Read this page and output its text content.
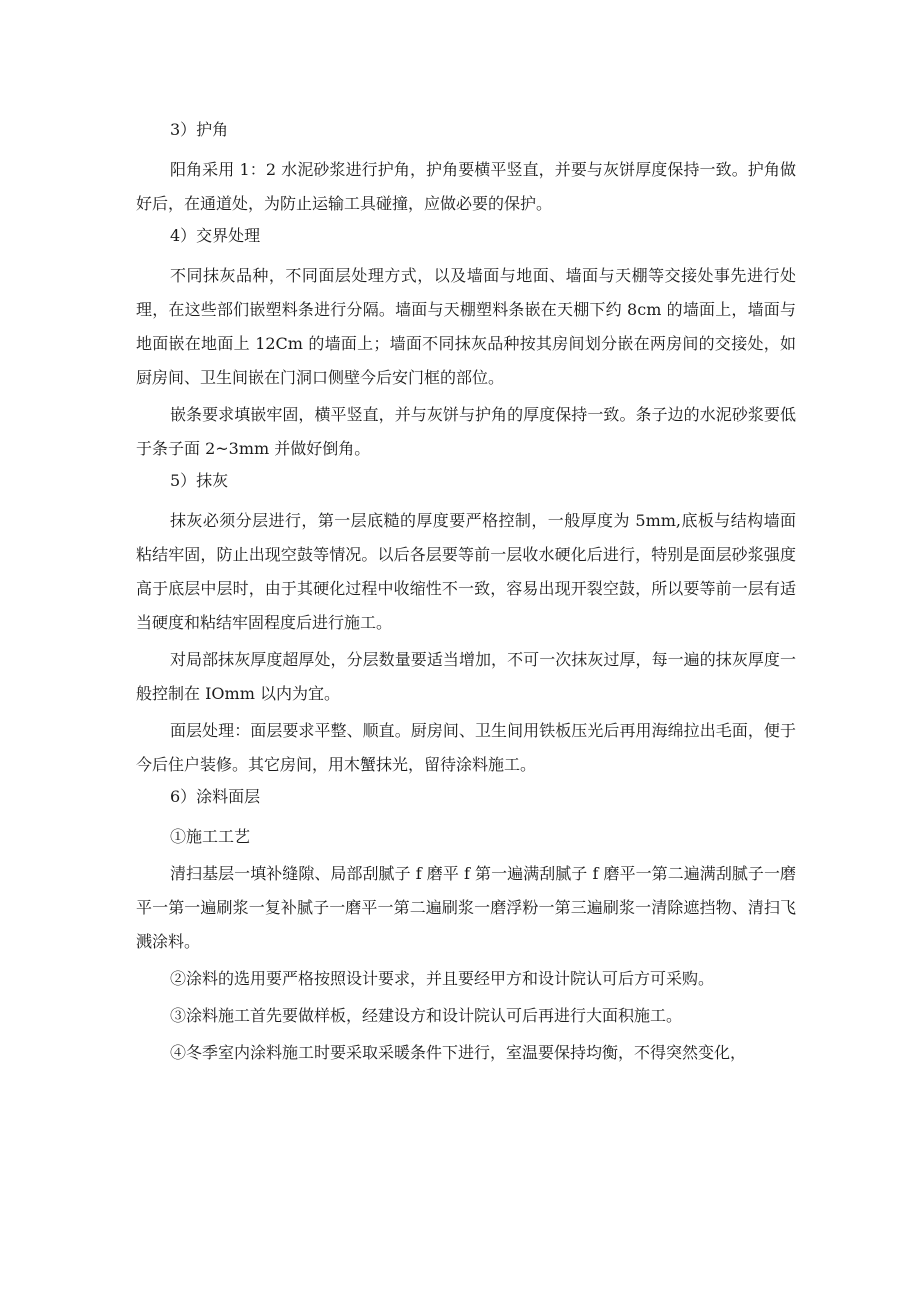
3）护角

阳角采用 1：2 水泥砂浆进行护角，护角要横平竖直，并要与灰饼厚度保持一致。护角做好后，在通道处，为防止运输工具碰撞，应做必要的保护。

4）交界处理

不同抹灰品种，不同面层处理方式，以及墙面与地面、墙面与天棚等交接处事先进行处理，在这些部们嵌塑料条进行分隔。墙面与天棚塑料条嵌在天棚下约 8cm 的墙面上，墙面与地面嵌在地面上 12Cm 的墙面上；墙面不同抹灰品种按其房间划分嵌在两房间的交接处，如厨房间、卫生间嵌在门洞口侧壁今后安门框的部位。

嵌条要求填嵌牢固，横平竖直，并与灰饼与护角的厚度保持一致。条子边的水泥砂浆要低于条子面 2~3mm 并做好倒角。

5）抹灰

抹灰必须分层进行，第一层底糙的厚度要严格控制，一般厚度为 5mm,底板与结构墙面粘结牢固，防止出现空鼓等情况。以后各层要等前一层收水硬化后进行，特别是面层砂浆强度高于底层中层时，由于其硬化过程中收缩性不一致，容易出现开裂空鼓，所以要等前一层有适当硬度和粘结牢固程度后进行施工。

对局部抹灰厚度超厚处，分层数量要适当增加，不可一次抹灰过厚，每一遍的抹灰厚度一般控制在 IOmm 以内为宜。

面层处理：面层要求平整、顺直。厨房间、卫生间用铁板压光后再用海绵拉出毛面，便于今后住户装修。其它房间，用木蟹抹光，留待涂料施工。

6）涂料面层

①施工工艺

清扫基层一填补缝隙、局部刮腻子 f 磨平 f 第一遍满刮腻子 f 磨平一第二遍满刮腻子一磨平一第一遍刷浆一复补腻子一磨平一第二遍刷浆一磨浮粉一第三遍刷浆一清除遮挡物、清扫飞溅涂料。

②涂料的选用要严格按照设计要求，并且要经甲方和设计院认可后方可采购。

③涂料施工首先要做样板，经建设方和设计院认可后再进行大面积施工。

④冬季室内涂料施工时要采取采暖条件下进行，室温要保持均衡，不得突然变化，
